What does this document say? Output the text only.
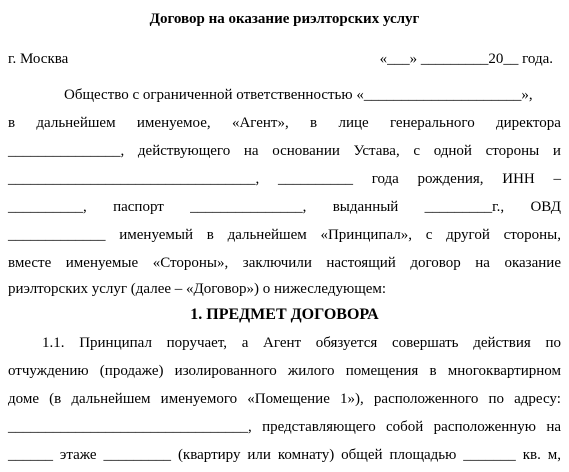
Договор на оказание риэлторских услуг
г. Москва	«___» _________20__ года.
Общество с ограниченной ответственностью «_____________________»,
в дальнейшем именуемое, «Агент», в лице генерального директора
_______________, действующего на основании Устава, с одной стороны и
_________________________________, __________ года рождения, ИНН –
__________, паспорт _______________, выданный _________г., ОВД
_____________ именуемый в дальнейшем «Принципал», с другой стороны,
вместе именуемые «Стороны», заключили настоящий договор на оказание
риэлторских услуг (далее – «Договор») о нижеследующем:
1. ПРЕДМЕТ ДОГОВОРА
1.1. Принципал поручает, а Агент обязуется совершать действия по
отчуждению (продаже) изолированного жилого помещения в многоквартирном
доме (в дальнейшем именуемого «Помещение 1»), расположенного по адресу:
________________________________, представляющего собой расположенную на
______ этаже _________ (квартиру или комнату) общей площадью _______ кв. м,
